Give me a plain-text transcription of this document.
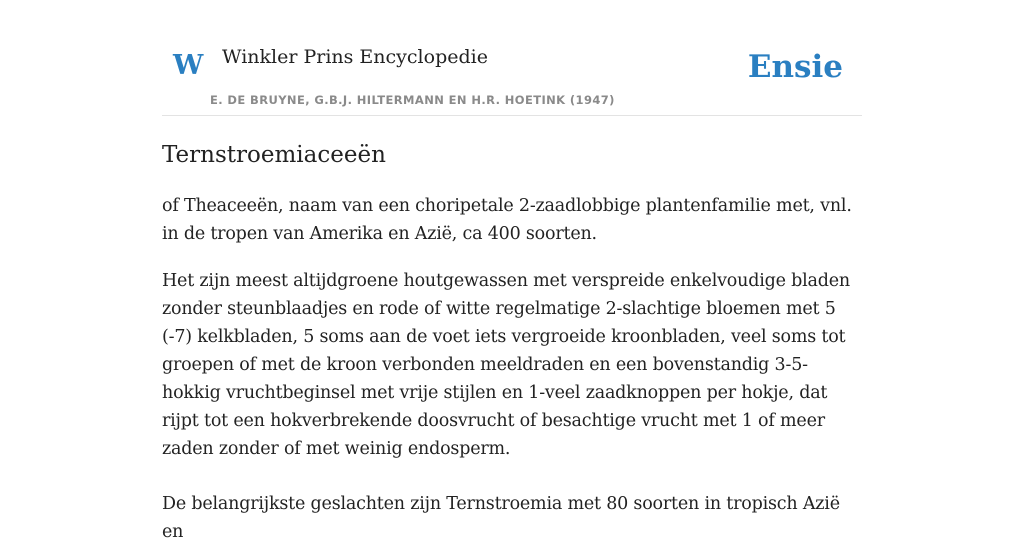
W Winkler Prins Encyclopedie
E. DE BRUYNE, G.B.J. HILTERMANN EN H.R. HOETINK (1947)
Ensie
Ternstroemiaceeën

of Theaceeën, naam van een choripetale 2-zaadlobbige plantenfamilie met, vnl. in de tropen van Amerika en Azië, ca 400 soorten.

Het zijn meest altijdgroene houtgewassen met verspreide enkelvoudige bladen zonder steunblaadjes en rode of witte regelmatige 2-slachtige bloemen met 5 (-7) kelkbladen, 5 soms aan de voet iets vergroeide kroonbladen, veel soms tot groepen of met de kroon verbonden meeldraden en een bovenstandig 3-5-hokkig vruchtbeginsel met vrije stijlen en 1-veel zaadknoppen per hokje, dat rijpt tot een hokverbrekende doosvrucht of besachtige vrucht met 1 of meer zaden zonder of met weinig endosperm.

De belangrijkste geslachten zijn Ternstroemia met 80 soorten in tropisch Azië en
